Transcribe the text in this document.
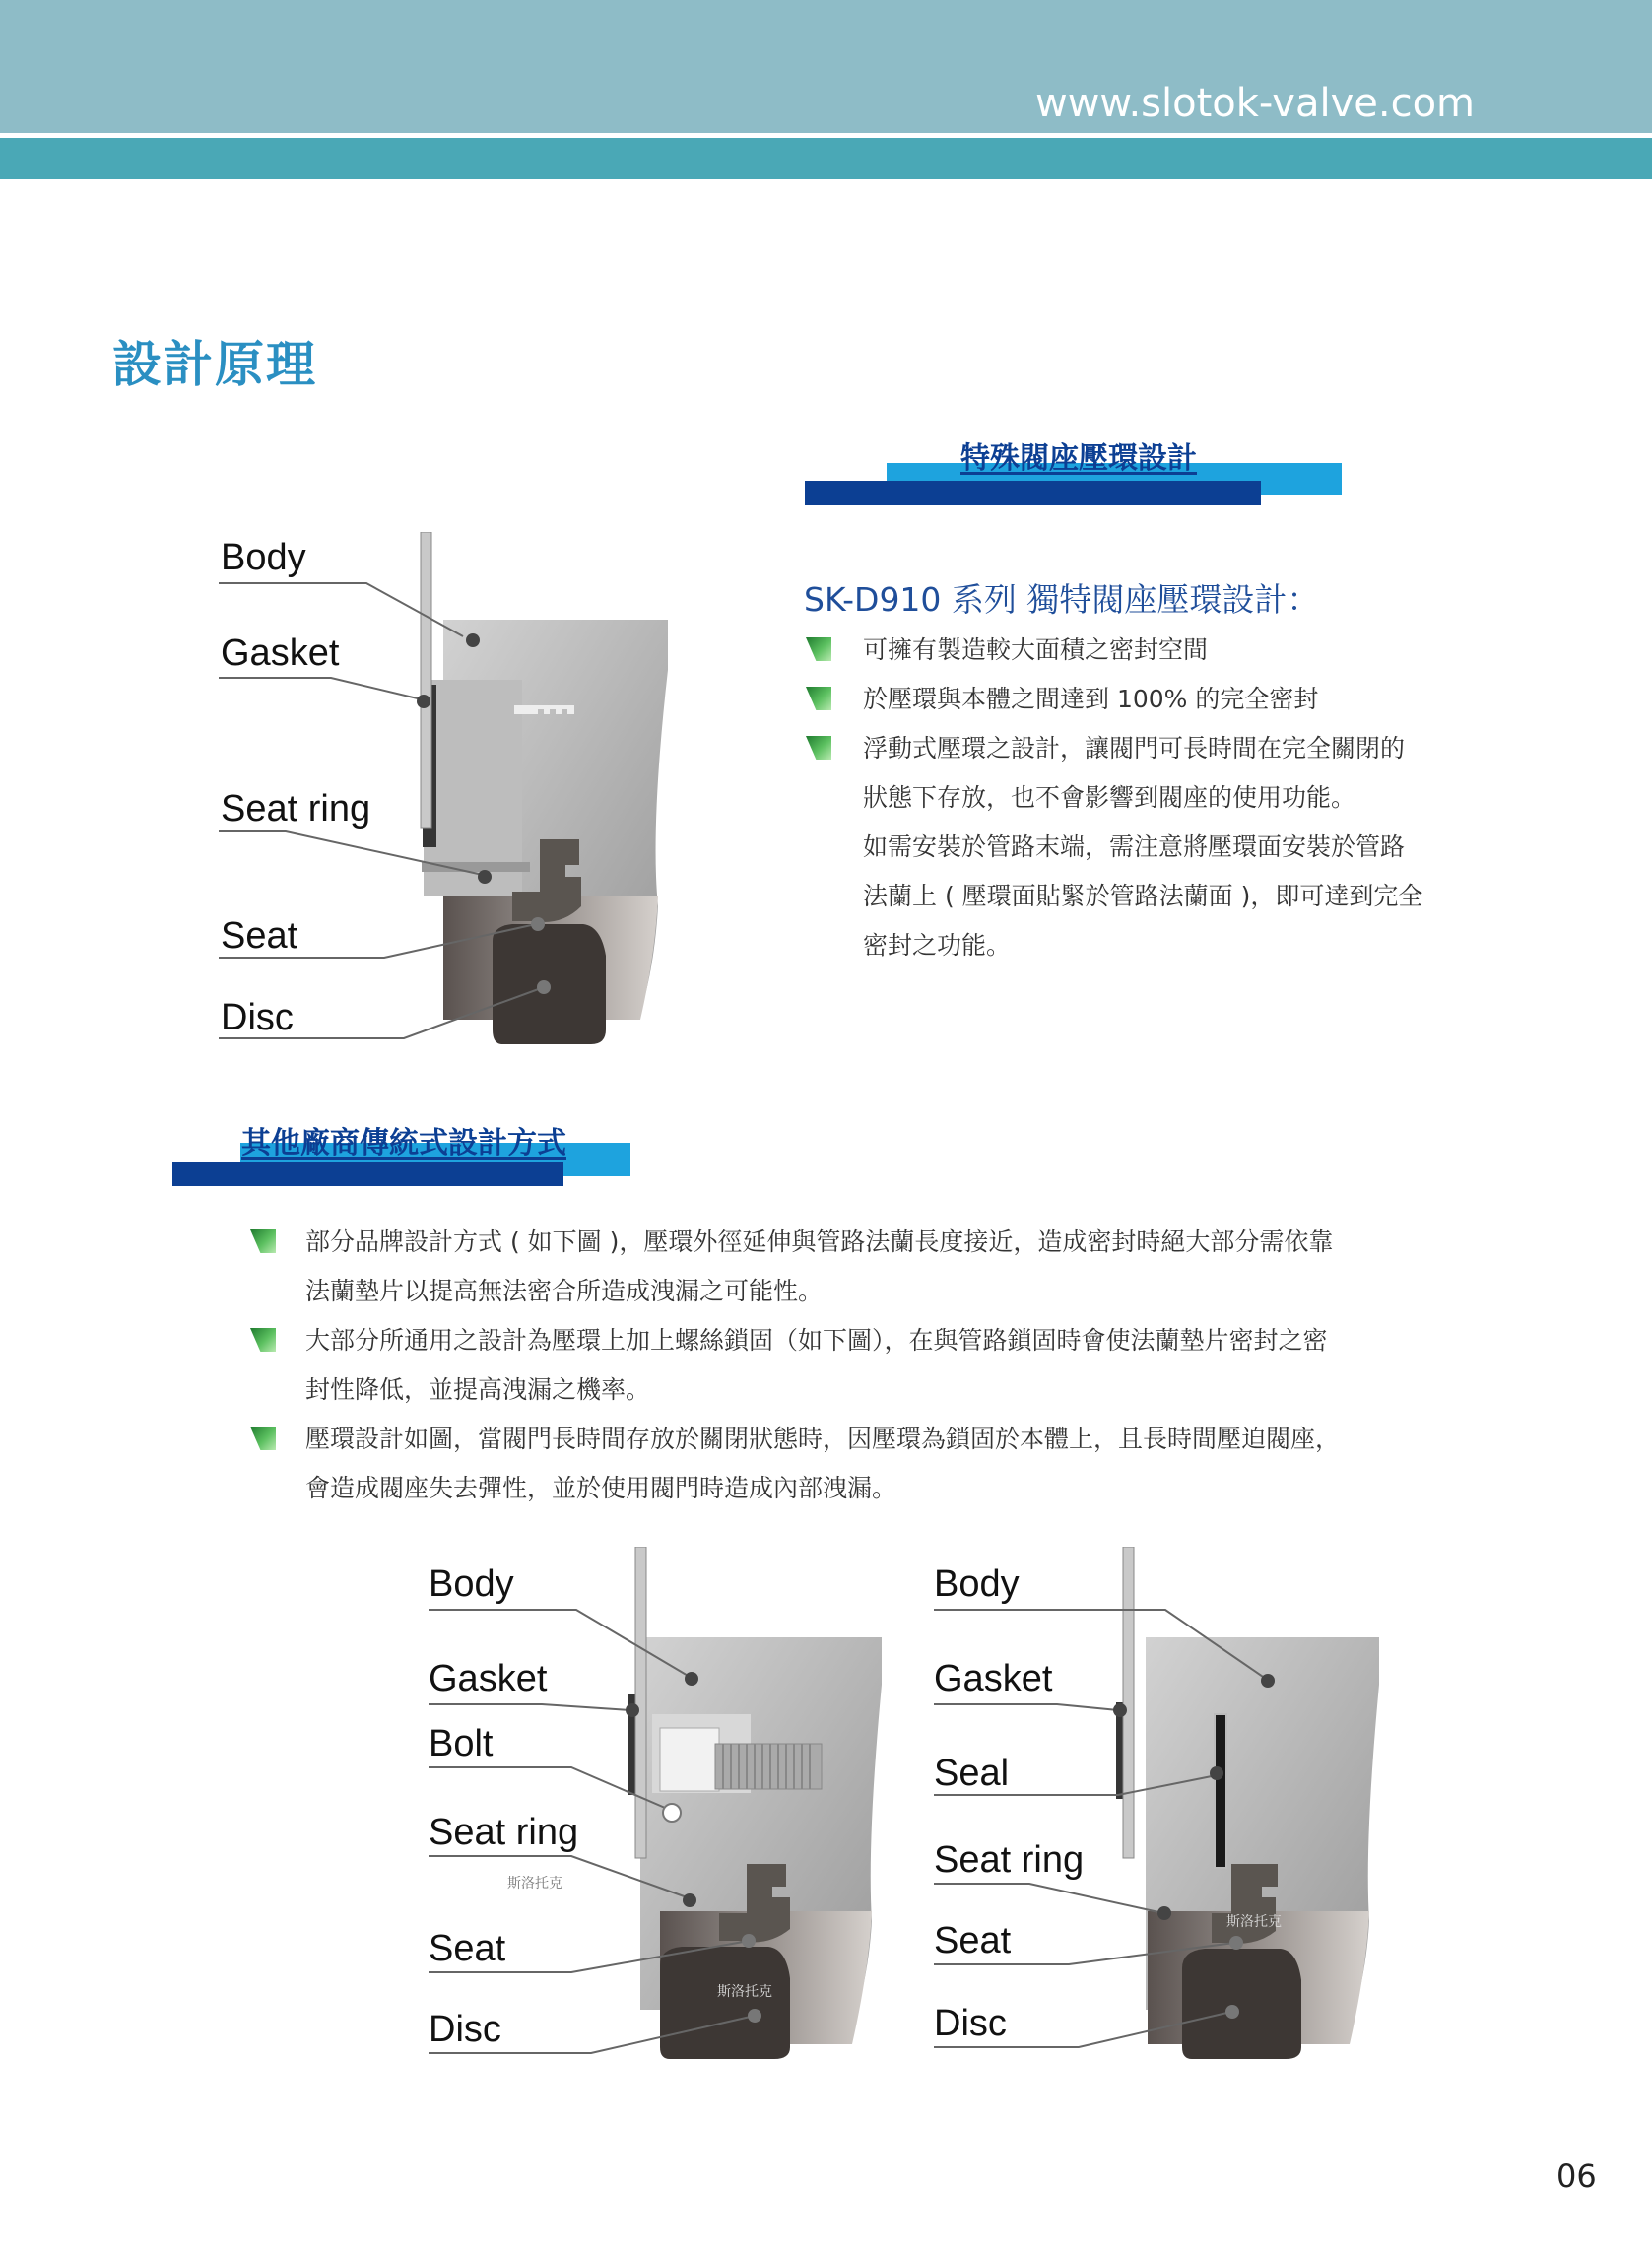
www.slotok-valve.com
設計原理
特殊閥座壓環設計
SK-D910 系列 獨特閥座壓環設計：
可擁有製造較大面積之密封空間
於壓環與本體之間達到 100% 的完全密封
浮動式壓環之設計，讓閥門可長時間在完全關閉的
狀態下存放，也不會影響到閥座的使用功能。
如需安裝於管路末端，需注意將壓環面安裝於管路
法蘭上 ( 壓環面貼緊於管路法蘭面 )，即可達到完全
密封之功能。
Body
Gasket
Seat ring
Seat
Disc
其他廠商傳統式設計方式
部分品牌設計方式 ( 如下圖 )，壓環外徑延伸與管路法蘭長度接近，造成密封時絕大部分需依靠
法蘭墊片以提高無法密合所造成洩漏之可能性。
大部分所通用之設計為壓環上加上螺絲鎖固（如下圖），在與管路鎖固時會使法蘭墊片密封之密
封性降低，並提高洩漏之機率。
壓環設計如圖，當閥門長時間存放於關閉狀態時，因壓環為鎖固於本體上，且長時間壓迫閥座，
會造成閥座失去彈性，並於使用閥門時造成內部洩漏。
Body
Gasket
Bolt
Seat ring
Seat
Disc
斯洛托克
斯洛托克
Body
Gasket
Seal
Seat ring
Seat
Disc
斯洛托克
06
